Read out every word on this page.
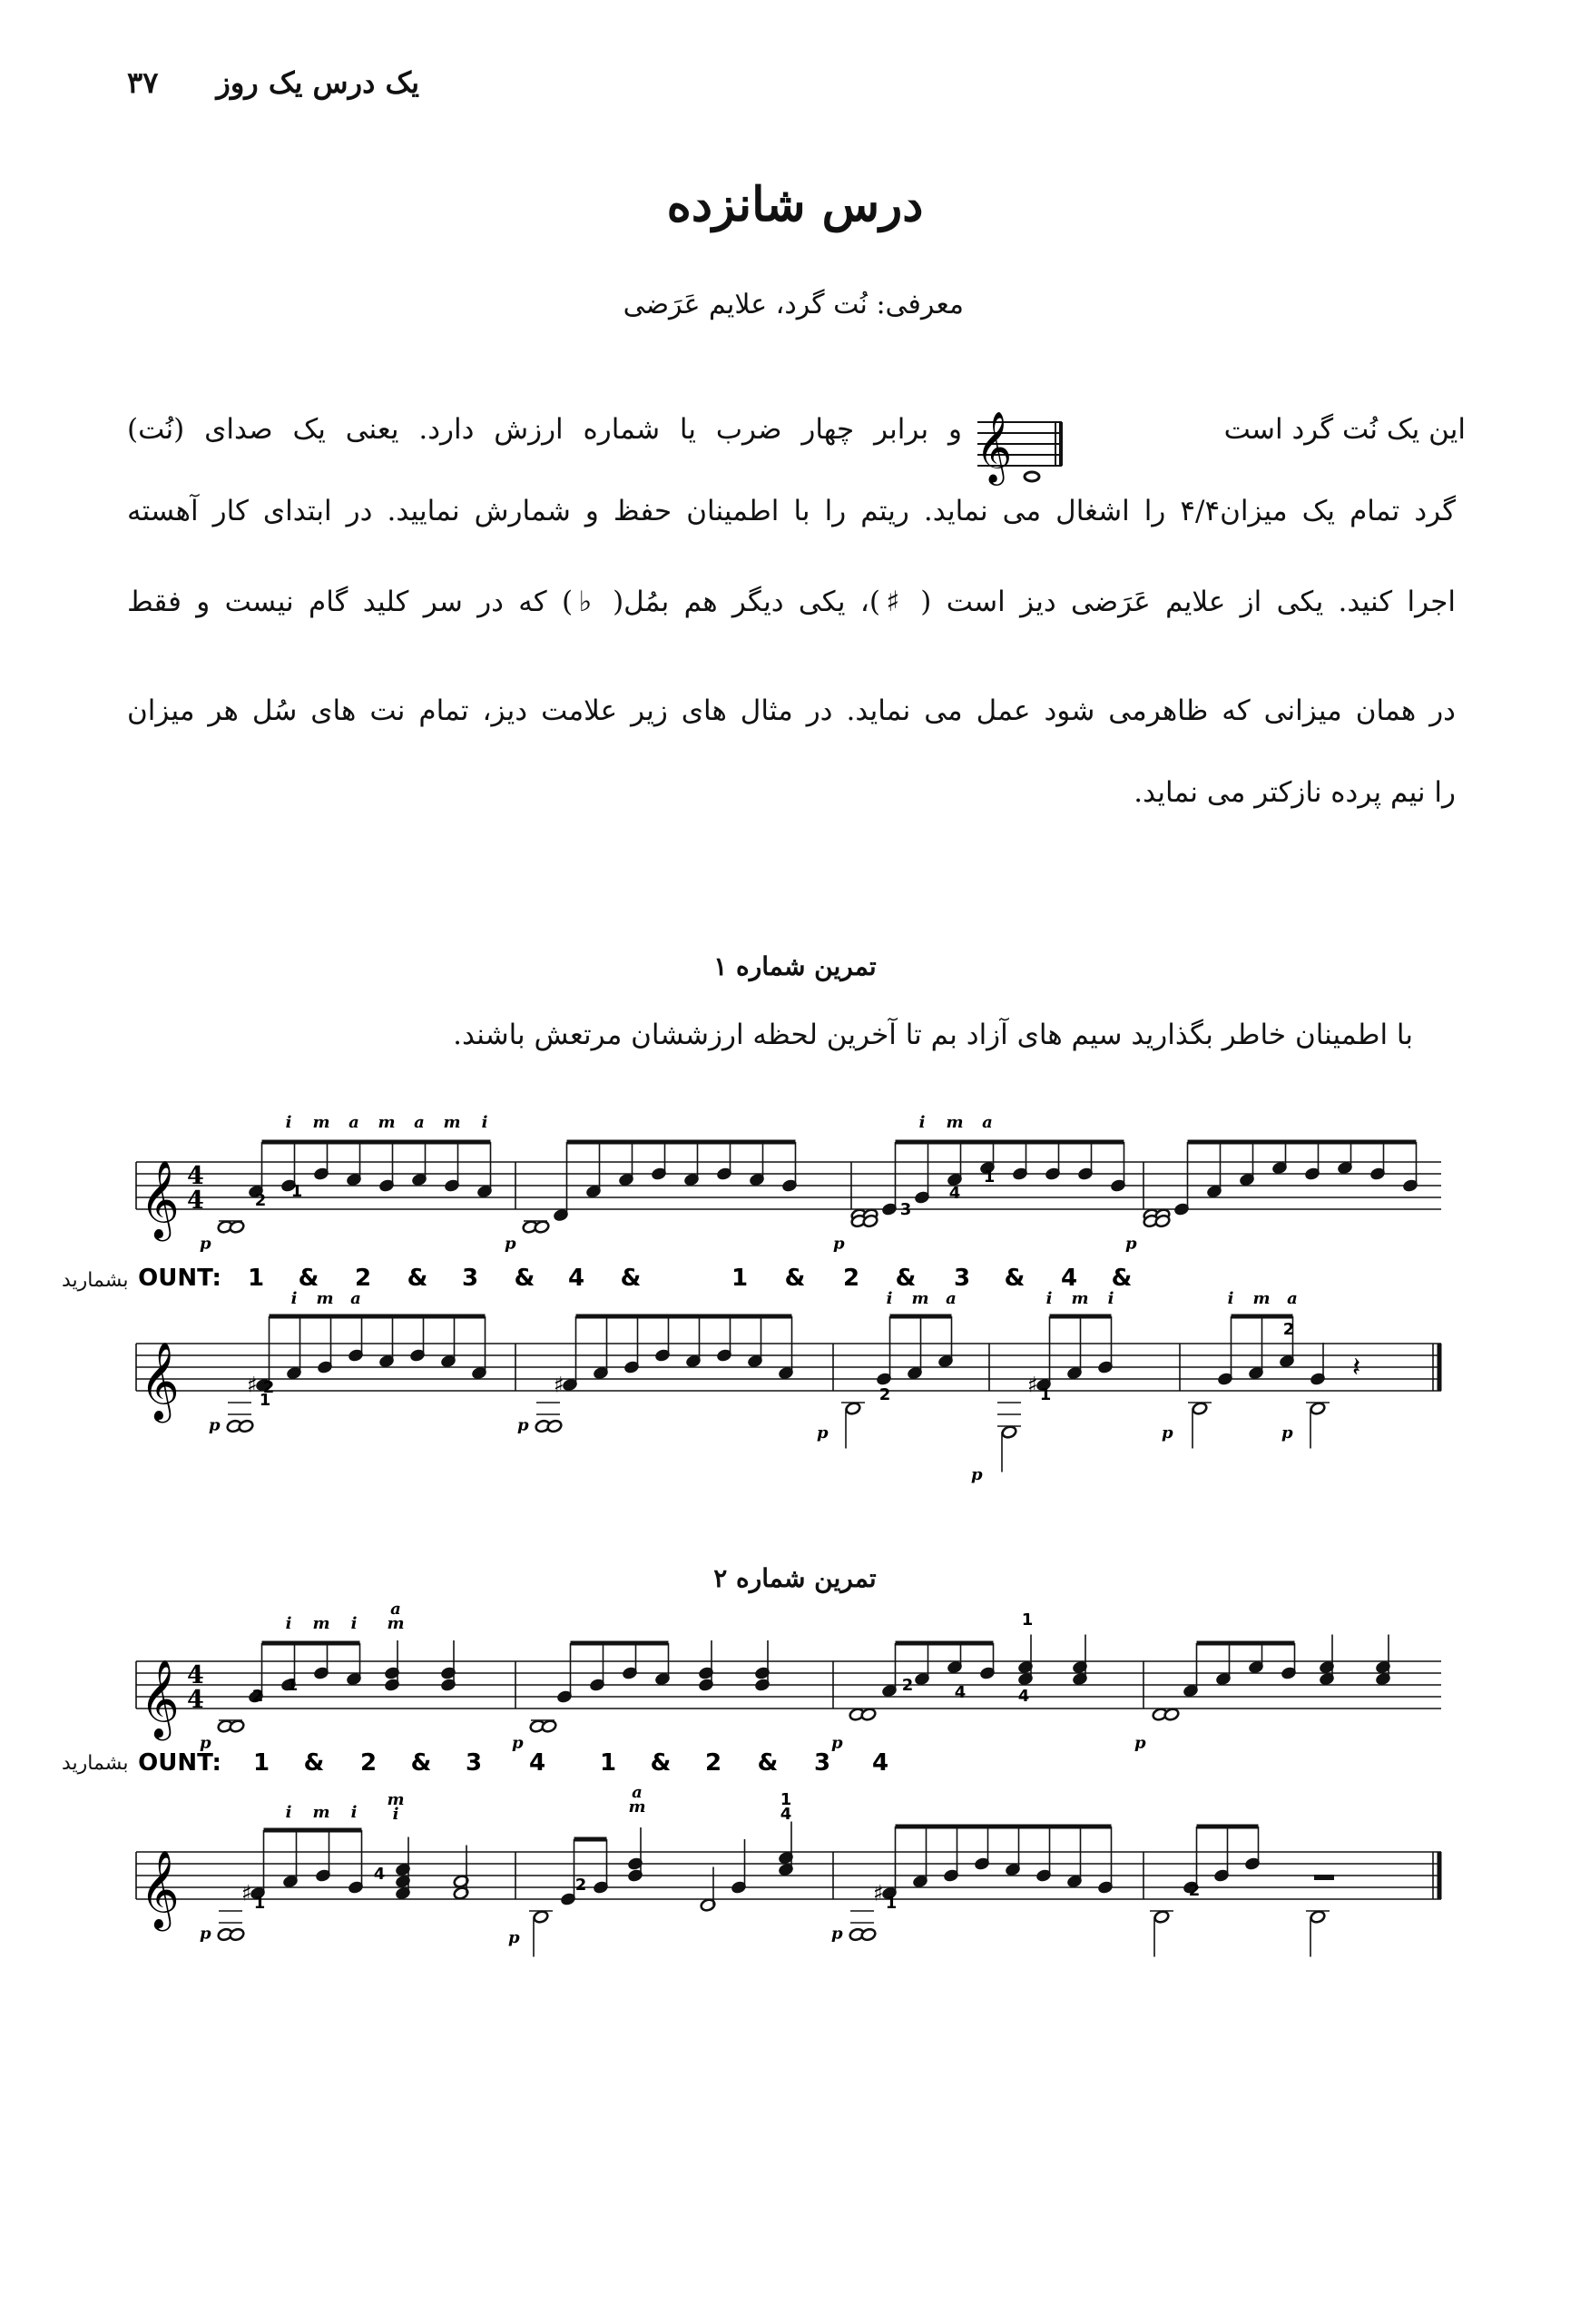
یک درس یک روز
۳۷
درس شانزده
معرفی: نُت گرد، علایم عَرَضی
این یک نُت گرد است
𝄞
و برابر چهار ضرب یا شماره ارزش دارد. یعنی یک صدای (نُت)
گرد تمام یک میزان۴/۴ را اشغال می نماید. ریتم را با اطمینان حفظ و شمارش نمایید. در ابتدای کار آهسته
اجرا کنید. یکی از علایم عَرَضی دیز است ( ♯)، یکی دیگر هم بمُل( ♭) که در سر کلید گام نیست و فقط
در همان میزانی که ظاهرمی شود عمل می نماید. در مثال های زیر علامت دیز، تمام نت های سُل هر میزان
را نیم پرده نازکتر می نماید.
تمرین شماره ۱
با اطمینان خاطر بگذارید سیم های آزاد بم تا آخرین لحظه ارزششان مرتعش باشند.
𝄞 4
4
p	p	p	p
i m a m a m i
2 1
i m a
3
4
1
OUNT: 1 & 2 & 3 & 4 &	1 & 2 & 3 & 4 &
بشمارید
𝄞
p	p
♯
i m a
1
2	♯
i m a
2
p
♯
i m i
1
p
i m a
2
𝄽
p	p
تمرین شماره ۲
𝄞 4
4
p
i m i
a
m
2
1
p	p
1
4	4
2
p
OUNT: 1 & 2 & 3 4 1 & 2 & 3 4
بشمارید
𝄞
p
♯
i m i
1
m
i
4
a
m
2
1
4
p	p
♯ 1
2
